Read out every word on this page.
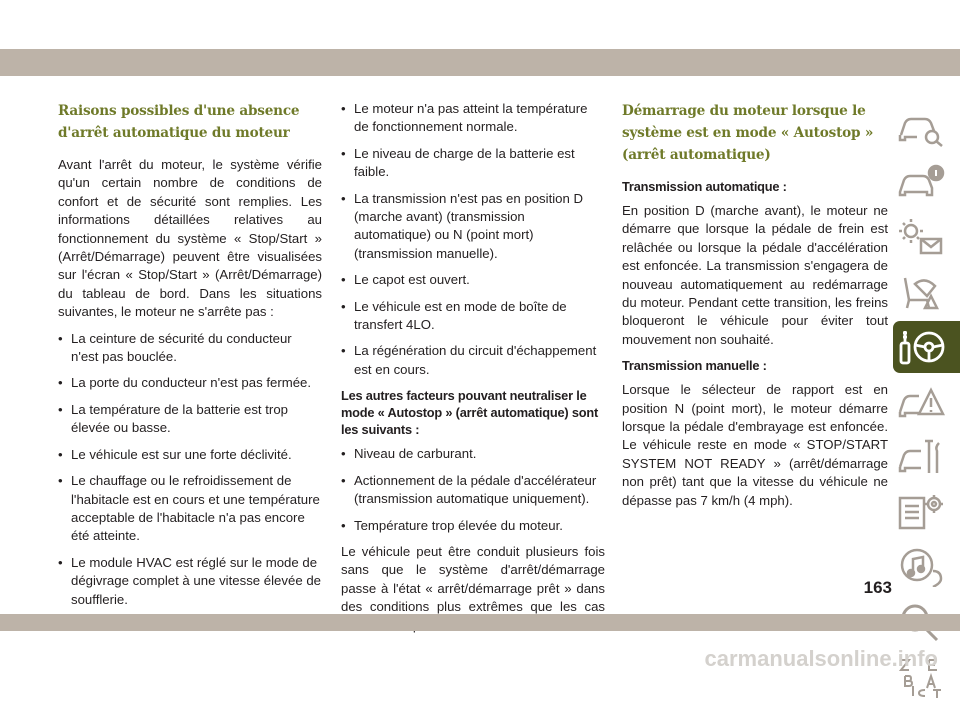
Raisons possibles d'une absence d'arrêt automatique du moteur

Avant l'arrêt du moteur, le système vérifie qu'un certain nombre de conditions de confort et de sécurité sont remplies. Les informations détaillées relatives au fonctionnement du système « Stop/Start » (Arrêt/Démarrage) peuvent être visualisées sur l'écran « Stop/Start » (Arrêt/Démarrage) du tableau de bord. Dans les situations suivantes, le moteur ne s'arrête pas :

• La ceinture de sécurité du conducteur n'est pas bouclée.
• La porte du conducteur n'est pas fermée.
• La température de la batterie est trop élevée ou basse.
• Le véhicule est sur une forte déclivité.
• Le chauffage ou le refroidissement de l'habitacle est en cours et une température acceptable de l'habitacle n'a pas encore été atteinte.
• Le module HVAC est réglé sur le mode de dégivrage complet à une vitesse élevée de soufflerie.
• Le moteur n'a pas atteint la température de fonctionnement normale.
• Le niveau de charge de la batterie est faible.
• La transmission n'est pas en position D (marche avant) (transmission automatique) ou N (point mort) (transmission manuelle).
• Le capot est ouvert.
• Le véhicule est en mode de boîte de transfert 4LO.
• La régénération du circuit d'échappement est en cours.

Les autres facteurs pouvant neutraliser le mode « Autostop » (arrêt automatique) sont les suivants :

• Niveau de carburant.
• Actionnement de la pédale d'accélérateur (transmission automatique uniquement).
• Température trop élevée du moteur.

Le véhicule peut être conduit plusieurs fois sans que le système d'arrêt/démarrage passe à l'état « arrêt/démarrage prêt » dans des conditions plus extrêmes que les cas

Démarrage du moteur lorsque le système est en mode « Autostop » (arrêt automatique)

Transmission automatique :

En position D (marche avant), le moteur ne démarre que lorsque la pédale de frein est relâchée ou lorsque la pédale d'accélération est enfoncée. La transmission s'engagera de nouveau automatiquement au redémarrage du moteur. Pendant cette transition, les freins bloqueront le véhicule pour éviter tout mouvement non souhaité.

Transmission manuelle :

Lorsque le sélecteur de rapport est en position N (point mort), le moteur démarre lorsque la pédale d'embrayage est enfoncée. Le véhicule reste en mode « STOP/START SYSTEM NOT READY » (arrêt/démarrage non prêt) tant que la vitesse du véhicule ne dépasse pas 7 km/h (4 mph).

163
carmanualsonline.info
